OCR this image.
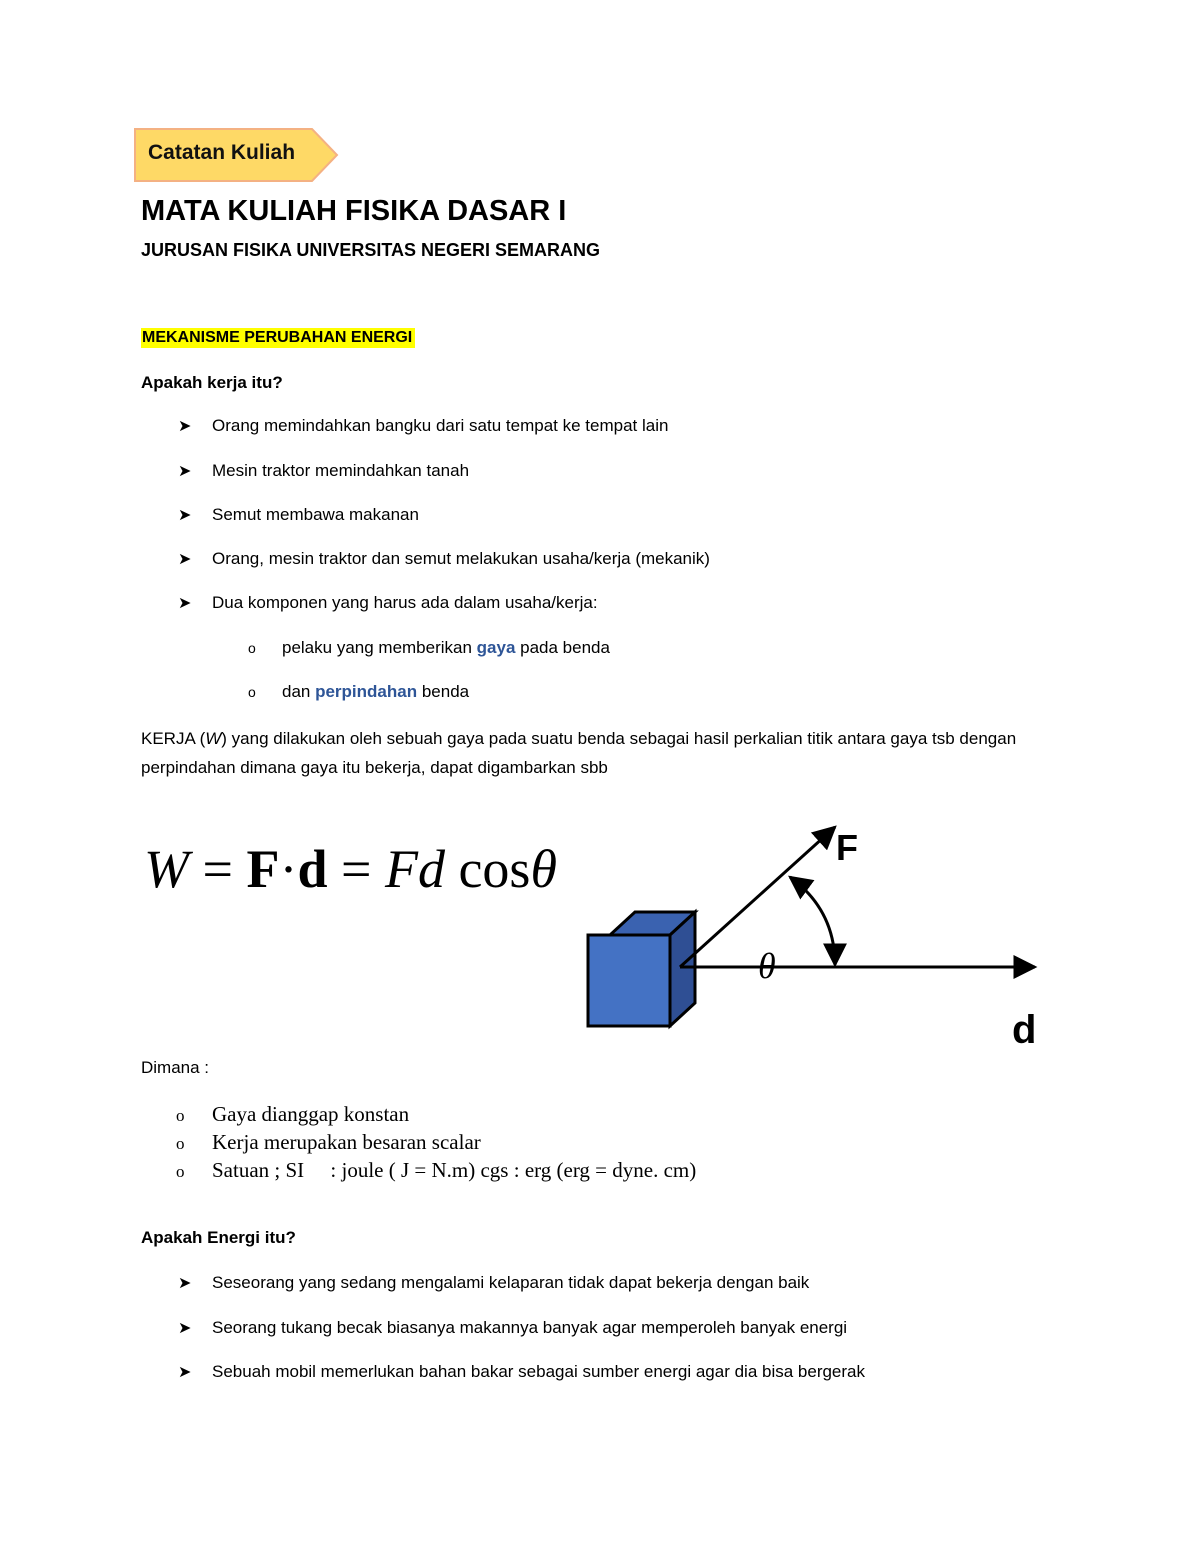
Catatan Kuliah
MATA KULIAH FISIKA DASAR I
JURUSAN FISIKA UNIVERSITAS NEGERI SEMARANG
MEKANISME PERUBAHAN ENERGI
Apakah kerja itu?
➤ Orang memindahkan bangku dari satu tempat ke tempat lain
➤ Mesin traktor memindahkan tanah
➤ Semut membawa makanan
➤ Orang, mesin traktor dan semut melakukan usaha/kerja (mekanik)
➤ Dua komponen yang harus ada dalam usaha/kerja:
o pelaku yang memberikan gaya pada benda
o dan perpindahan benda
KERJA (W) yang dilakukan oleh sebuah gaya pada suatu benda sebagai hasil perkalian titik antara gaya tsb dengan perpindahan dimana gaya itu bekerja, dapat digambarkan sbb
W = F·d = Fd cosθ
θ
F
d
Dimana :
o Gaya dianggap konstan
o Kerja merupakan besaran scalar
o Satuan ; SI     : joule ( J = N.m) cgs : erg (erg = dyne. cm)
Apakah Energi itu?
➤ Seseorang yang sedang mengalami kelaparan tidak dapat bekerja dengan baik
➤ Seorang tukang becak biasanya makannya banyak agar memperoleh banyak energi
➤ Sebuah mobil memerlukan bahan bakar sebagai sumber energi agar dia bisa bergerak
